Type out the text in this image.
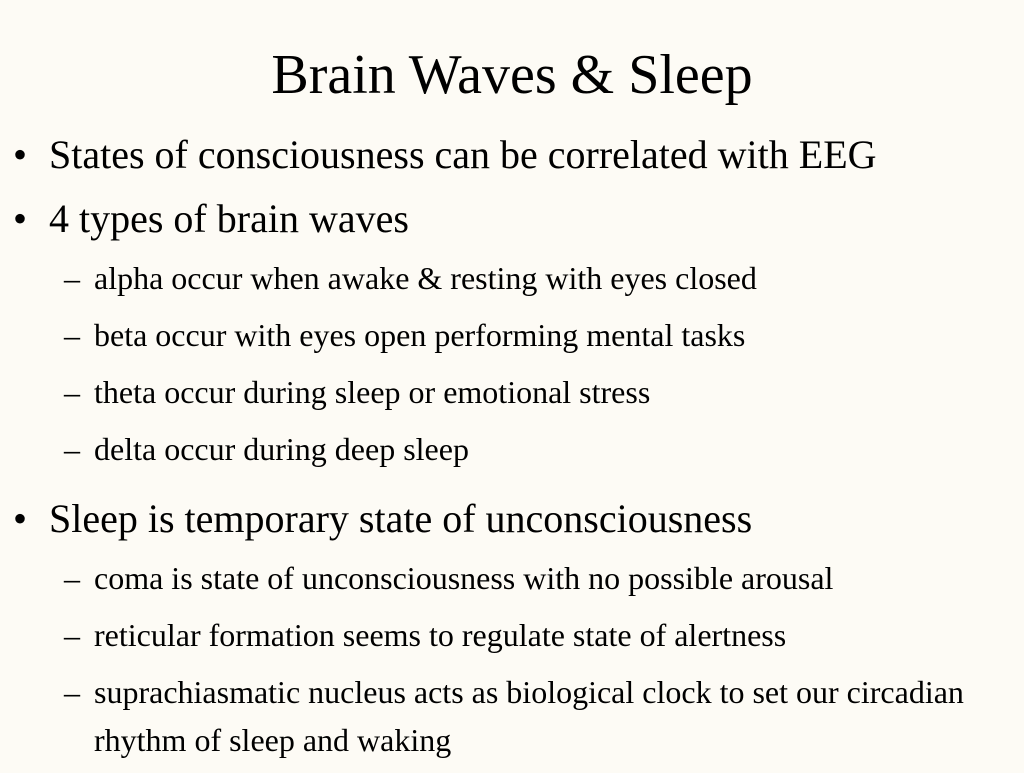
Brain Waves & Sleep
• States of consciousness can be correlated with EEG
• 4 types of brain waves
– alpha occur when awake & resting with eyes closed
– beta occur with eyes open performing mental tasks
– theta occur during sleep or emotional stress
– delta occur during deep sleep
• Sleep is temporary state of unconsciousness
– coma is state of unconsciousness with no possible arousal
– reticular formation seems to regulate state of alertness
– suprachiasmatic nucleus acts as biological clock to set our circadian rhythm of sleep and waking
